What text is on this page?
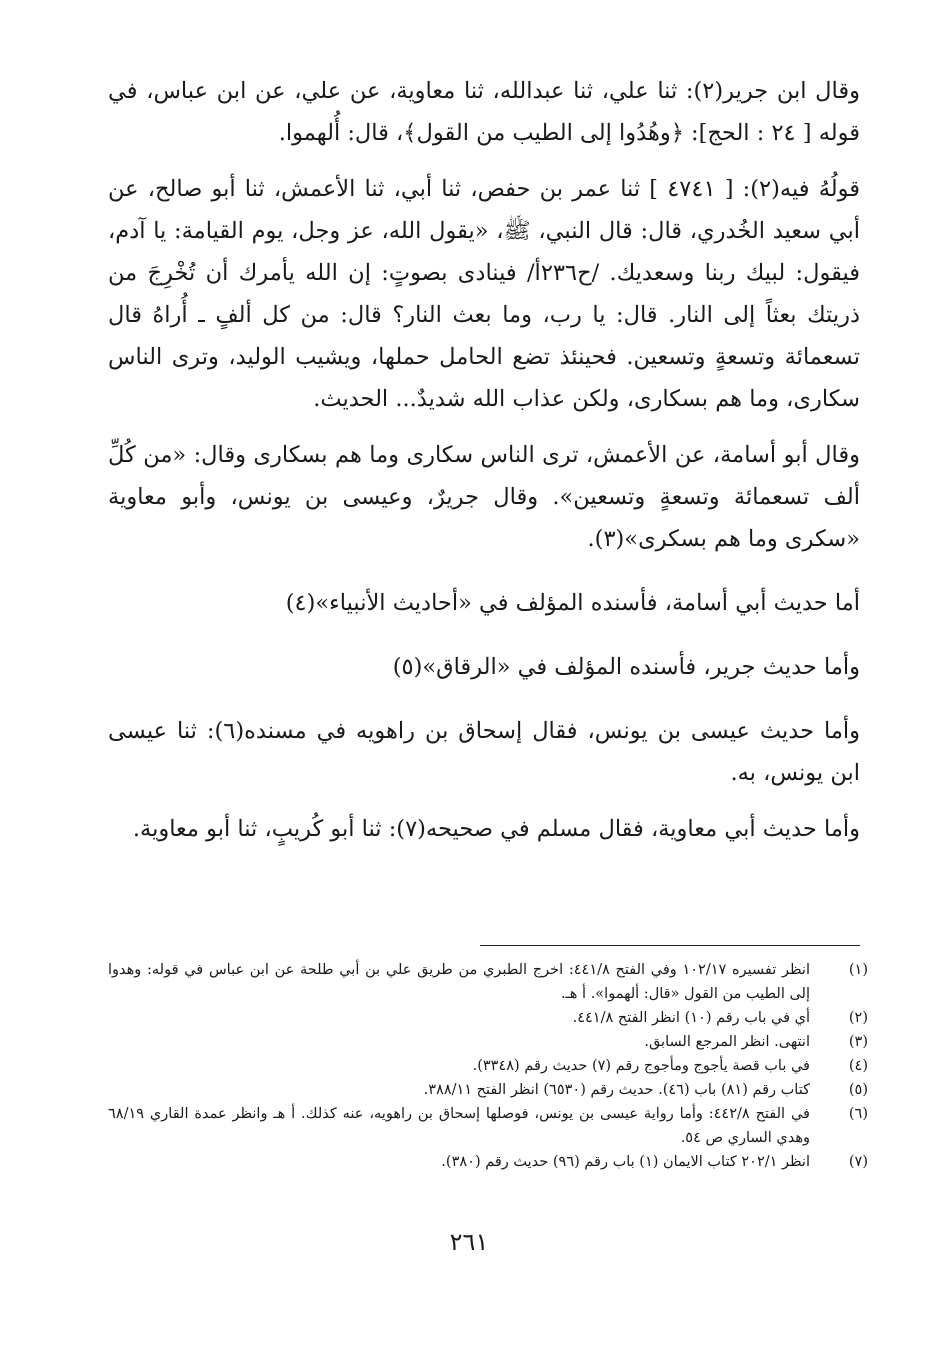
وقال ابن جرير(٢): ثنا علي، ثنا عبدالله، ثنا معاوية، عن علي، عن ابن عباس، في قوله [ ٢٤ : الحج]: ﴿وهُدُوا إلى الطيب من القول﴾، قال: أُلهموا.

قولُهُ فيه(٢): [ ٤٧٤١ ] ثنا عمر بن حفص، ثنا أبي، ثنا الأعمش، ثنا أبو صالح، عن أبي سعيد الخُدري، قال: قال النبي، ﷺ، «يقول الله، عز وجل، يوم القيامة: يا آدم، فيقول: لبيك ربنا وسعديك. /ح٢٣٦أ/ فينادى بصوتٍ: إن الله يأمرك أن تُخْرِجَ من ذريتك بعثاً إلى النار. قال: يا رب، وما بعث النار؟ قال: من كل ألفٍ ـ أُراهُ قال تسعمائة وتسعةٍ وتسعين. فحينئذ تضع الحامل حملها، ويشيب الوليد، وترى الناس سكارى، وما هم بسكارى، ولكن عذاب الله شديدٌ... الحديث.

وقال أبو أسامة، عن الأعمش، ترى الناس سكارى وما هم بسكارى وقال: «من كُلِّ ألف تسعمائة وتسعةٍ وتسعين». وقال جريرٌ، وعيسى بن يونس، وأبو معاوية «سكرى وما هم بسكرى»(٣).

أما حديث أبي أسامة، فأسنده المؤلف في «أحاديث الأنبياء»(٤)

وأما حديث جرير، فأسنده المؤلف في «الرقاق»(٥)

وأما حديث عيسى بن يونس، فقال إسحاق بن راهويه في مسنده(٦): ثنا عيسى ابن يونس، به.

وأما حديث أبي معاوية، فقال مسلم في صحيحه(٧): ثنا أبو كُريبٍ، ثنا أبو معاوية.

(١)
انظر تفسيره ١٠٢/١٧ وفي الفتح ٤٤١/٨: اخرج الطبري من طريق علي بن أبي طلحة عن ابن عباس في قوله: وهدوا إلى الطيب من القول «قال: ألهموا». أ هـ.
(٢)
أي في باب رقم (١٠) انظر الفتح ٤٤١/٨.
(٣)
انتهى. انظر المرجع السابق.
(٤)
في باب قصة يأجوج ومأجوج رقم (٧) حديث رقم (٣٣٤٨).
(٥)
كتاب رقم (٨١) باب (٤٦). حديث رقم (٦٥٣٠) انظر الفتح ٣٨٨/١١.
(٦)
في الفتح ٤٤٢/٨: وأما رواية عيسى بن يونس، فوصلها إسحاق بن راهويه، عنه كذلك. أ هـ وانظر عمدة القاري ٦٨/١٩ وهدي الساري ص ٥٤.
(٧)
انظر ٢٠٢/١ كتاب الايمان (١) باب رقم (٩٦) حديث رقم (٣٨٠).
٢٦١
